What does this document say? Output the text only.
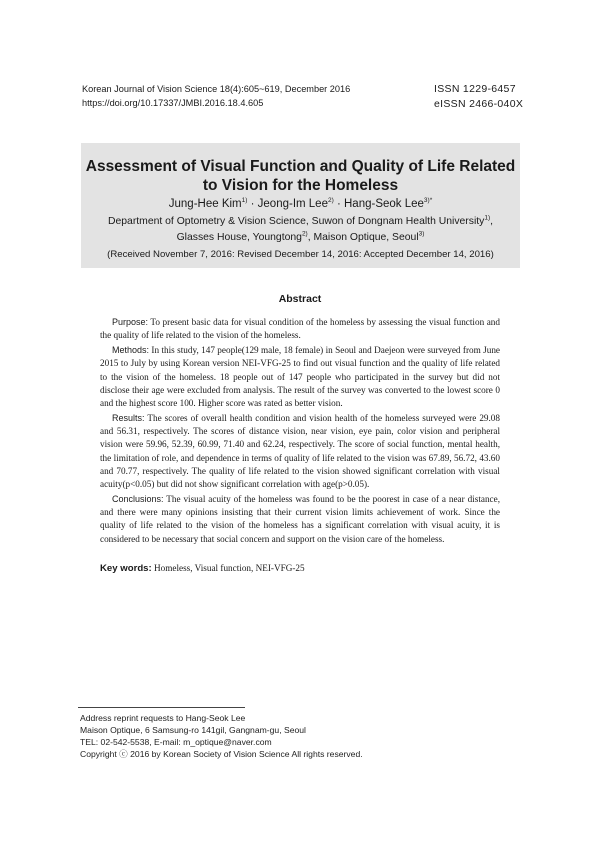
Korean Journal of Vision Science 18(4):605~619, December 2016
https://doi.org/10.17337/JMBI.2016.18.4.605
ISSN 1229-6457
eISSN 2466-040X
Assessment of Visual Function and Quality of Life Related
to Vision for the Homeless
Jung-Hee Kim$^{1)}$ · Jeong-Im Lee$^{2)}$ · Hang-Seok Lee$^{3)*}$
Department of Optometry & Vision Science, Suwon of Dongnam Health University$^{1)}$,
Glasses House, Youngtong$^{2)}$, Maison Optique, Seoul$^{3)}$
(Received November 7, 2016: Revised December 14, 2016: Accepted December 14, 2016)
Abstract

Purpose: To present basic data for visual condition of the homeless by assessing the visual function and the quality of life related to the vision of the homeless.

Methods: In this study, 147 people(129 male, 18 female) in Seoul and Daejeon were surveyed from June 2015 to July by using Korean version NEI-VFG-25 to find out visual function and the quality of life related to the vision of the homeless. 18 people out of 147 people who participated in the survey but did not disclose their age were excluded from analysis. The result of the survey was converted to the lowest score 0 and the highest score 100. Higher score was rated as better vision.

Results: The scores of overall health condition and vision health of the homeless surveyed were 29.08 and 56.31, respectively. The scores of distance vision, near vision, eye pain, color vision and peripheral vision were 59.96, 52.39, 60.99, 71.40 and 62.24, respectively. The score of social function, mental health, the limitation of role, and dependence in terms of quality of life related to the vision was 67.89, 56.72, 43.60 and 70.77, respectively. The quality of life related to the vision showed significant correlation with visual acuity(p<0.05) but did not show significant correlation with age(p>0.05).

Conclusions: The visual acuity of the homeless was found to be the poorest in case of a near distance, and there were many opinions insisting that their current vision limits achievement of work. Since the quality of life related to the vision of the homeless has a significant correlation with visual acuity, it is considered to be necessary that social concern and support on the vision care of the homeless.

Key words: Homeless, Visual function, NEI-VFG-25
Address reprint requests to Hang-Seok Lee
Maison Optique, 6 Samsung-ro 141gil, Gangnam-gu, Seoul
TEL: 02-542-5538, E-mail: m_optique@naver.com
Copyright ⓒ 2016 by Korean Society of Vision Science All rights reserved.
